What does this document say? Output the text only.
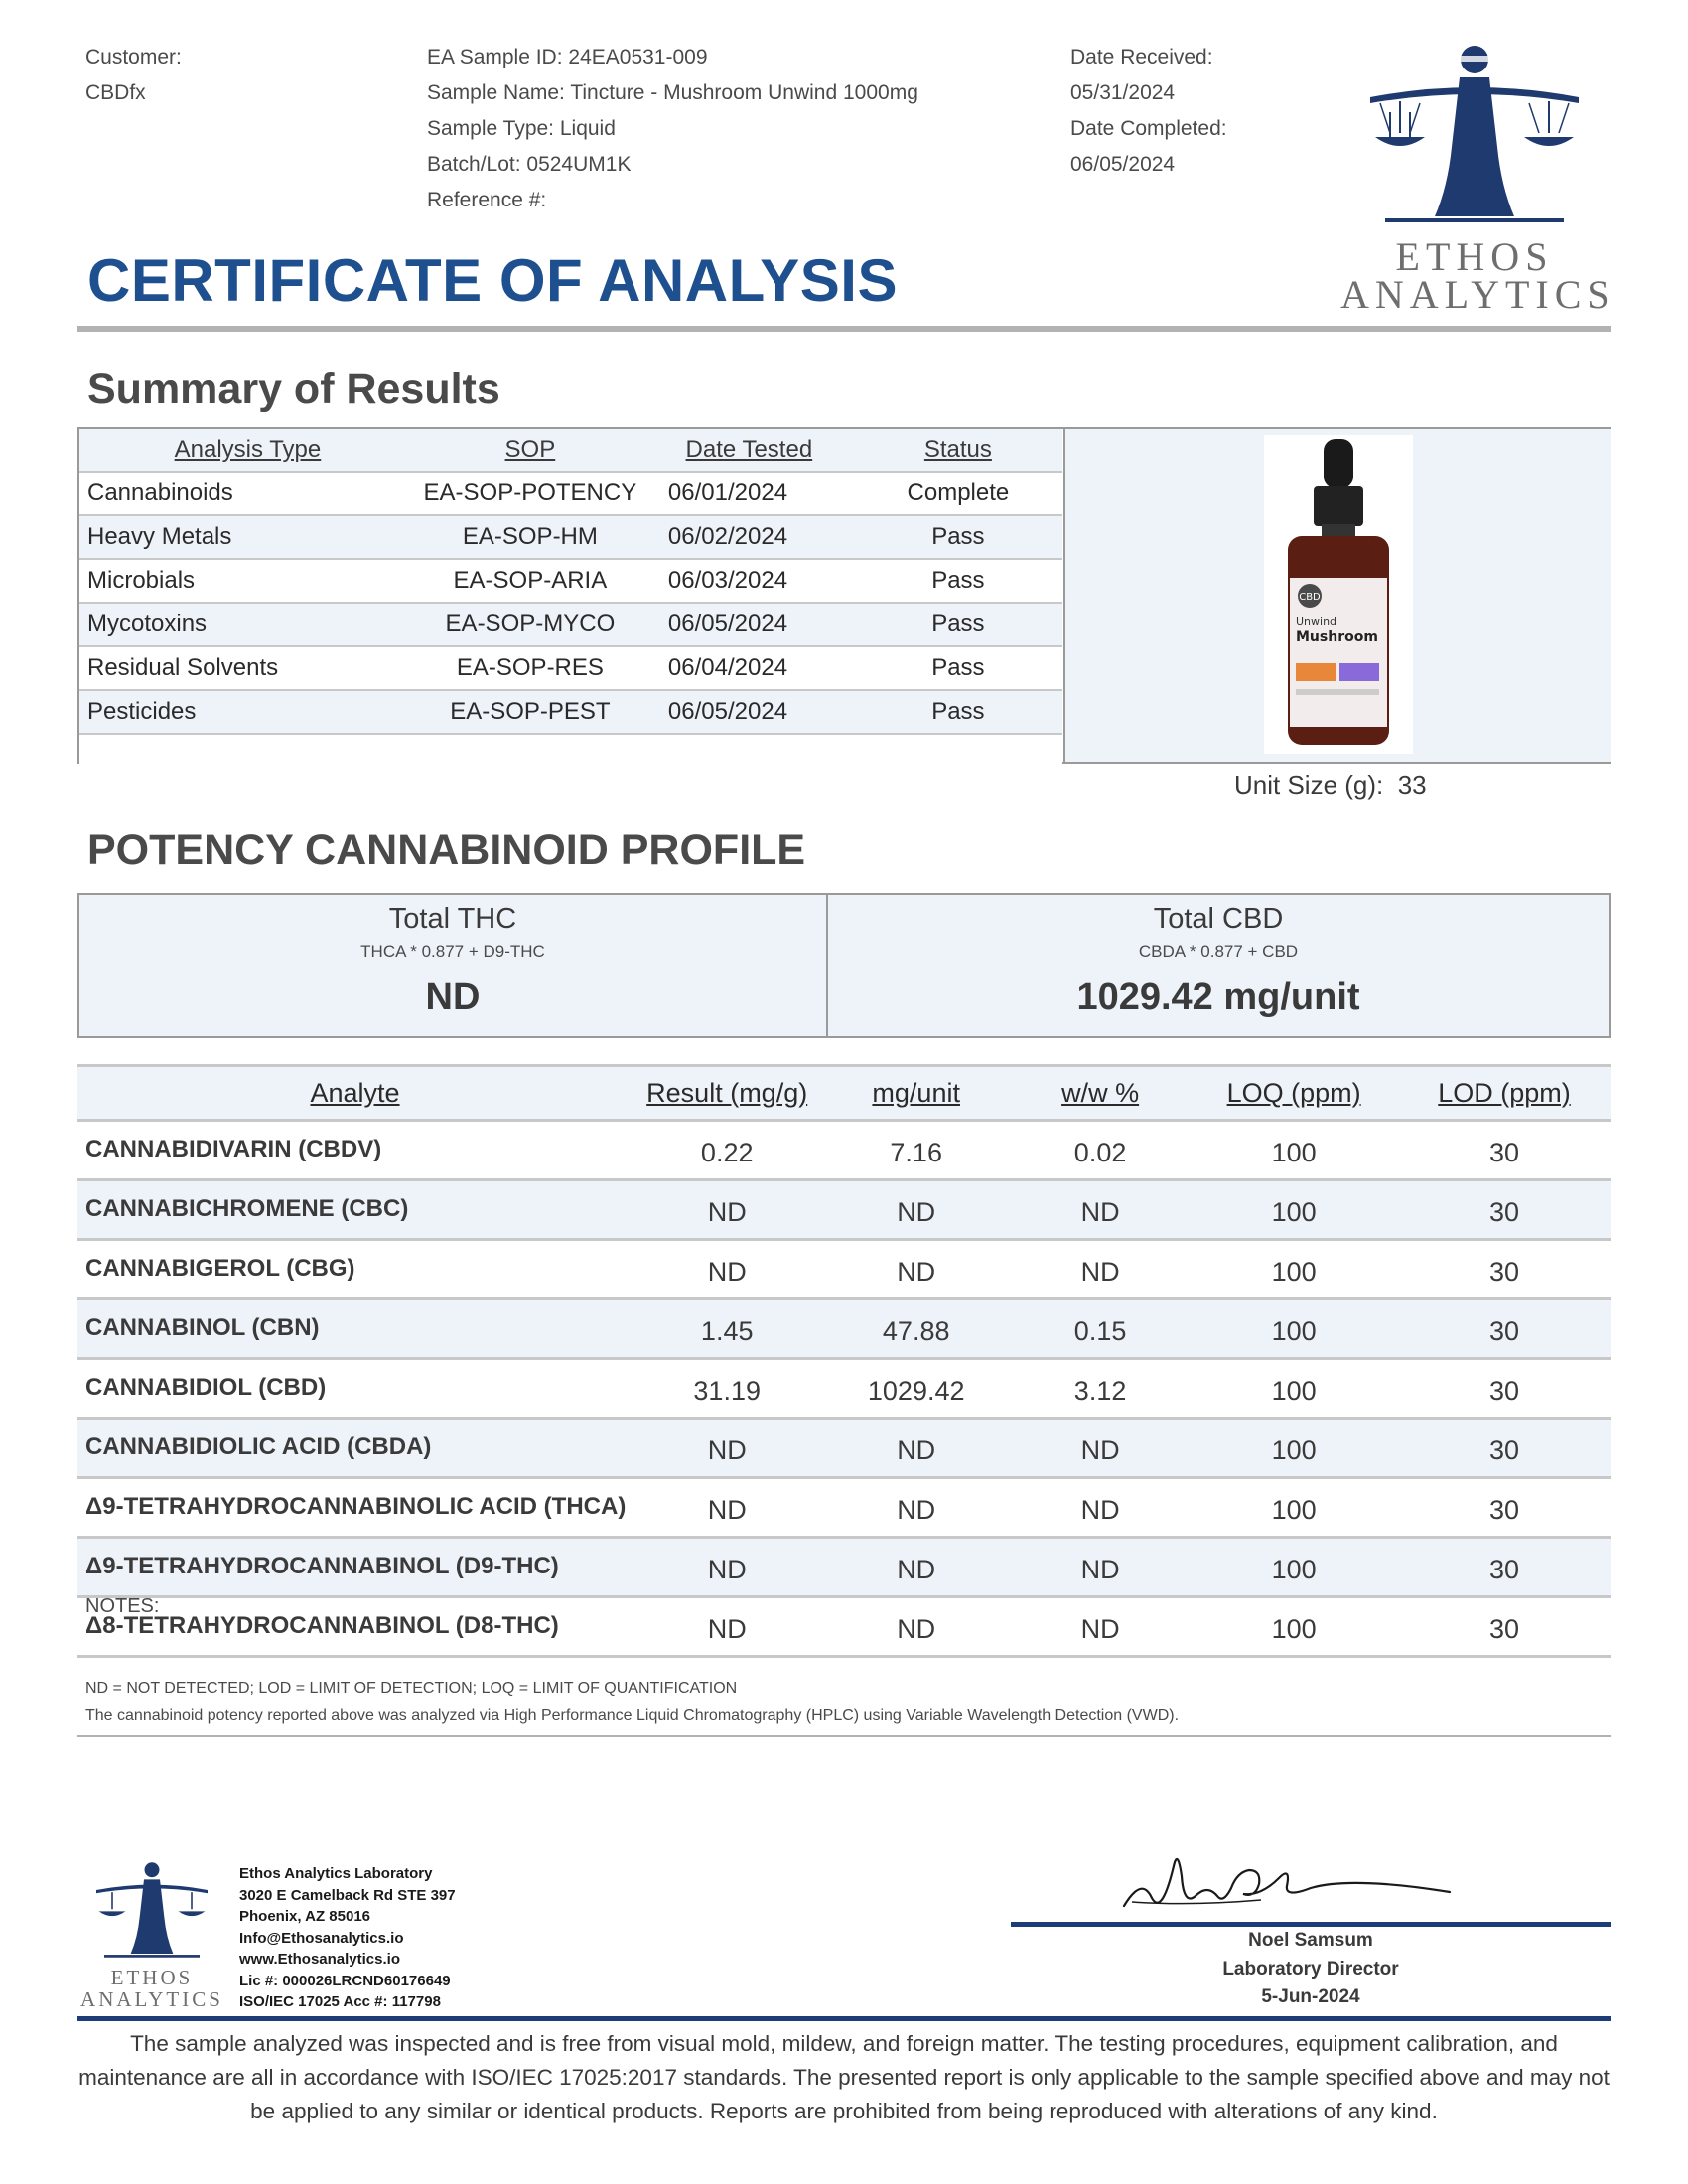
Customer:
CBDfx
EA Sample ID: 24EA0531-009
Sample Name: Tincture - Mushroom Unwind 1000mg
Sample Type: Liquid
Batch/Lot: 0524UM1K
Reference #:
Date Received:
05/31/2024
Date Completed:
06/05/2024
ETHOS
ANALYTICS
CERTIFICATE OF ANALYSIS
Summary of Results
Analysis Type	SOP	Date Tested	Status
Cannabinoids	EA-SOP-POTENCY	06/01/2024	Complete
Heavy Metals	EA-SOP-HM	06/02/2024	Pass
Microbials	EA-SOP-ARIA	06/03/2024	Pass
Mycotoxins	EA-SOP-MYCO	06/05/2024	Pass
Residual Solvents	EA-SOP-RES	06/04/2024	Pass
Pesticides	EA-SOP-PEST	06/05/2024	Pass

CBD
Unwind
Mushroom
Unit Size (g): 33
POTENCY CANNABINOID PROFILE
Total THC
THCA * 0.877 + D9-THC
ND
Total CBD
CBDA * 0.877 + CBD
1029.42 mg/unit
Analyte	Result (mg/g)	mg/unit	w/w %	LOQ (ppm)	LOD (ppm)
CANNABIDIVARIN (CBDV)	0.22	7.16	0.02	100	30
CANNABICHROMENE (CBC)	ND	ND	ND	100	30
CANNABIGEROL (CBG)	ND	ND	ND	100	30
CANNABINOL (CBN)	1.45	47.88	0.15	100	30
CANNABIDIOL (CBD)	31.19	1029.42	3.12	100	30
CANNABIDIOLIC ACID (CBDA)	ND	ND	ND	100	30
Δ9-TETRAHYDROCANNABINOLIC ACID (THCA)	ND	ND	ND	100	30
Δ9-TETRAHYDROCANNABINOL (D9-THC)	ND	ND	ND	100	30
Δ8-TETRAHYDROCANNABINOL (D8-THC)	ND	ND	ND	100	30
NOTES:
ND = NOT DETECTED; LOD = LIMIT OF DETECTION; LOQ = LIMIT OF QUANTIFICATION
The cannabinoid potency reported above was analyzed via High Performance Liquid Chromatography (HPLC) using Variable Wavelength Detection (VWD).
ETHOS
ANALYTICS
Ethos Analytics Laboratory
3020 E Camelback Rd STE 397
Phoenix, AZ 85016
Info@Ethosanalytics.io
www.Ethosanalytics.io
Lic #: 000026LRCND60176649
ISO/IEC 17025 Acc #: 117798
Noel Samsum
Laboratory Director
5-Jun-2024
The sample analyzed was inspected and is free from visual mold, mildew, and foreign matter. The testing procedures, equipment calibration, and maintenance are all in accordance with ISO/IEC 17025:2017 standards. The presented report is only applicable to the sample specified above and may not be applied to any similar or identical products. Reports are prohibited from being reproduced with alterations of any kind.
